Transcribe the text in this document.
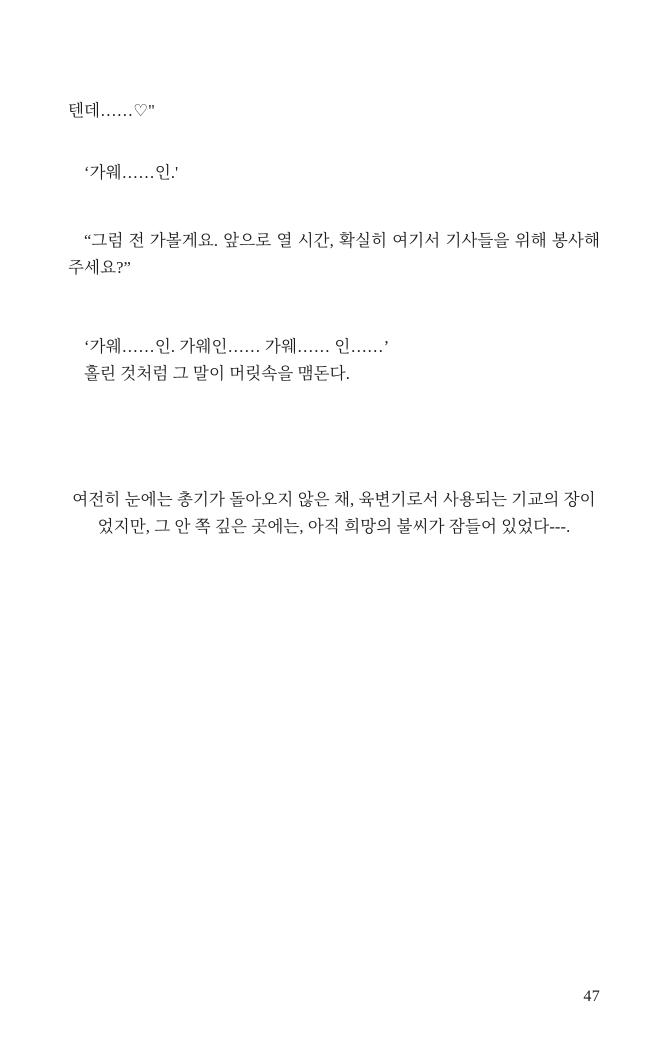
텐데……♡"

‘가웨……인.'

“그럼 전 가볼게요. 앞으로 열 시간, 확실히 여기서 기사들을 위해 봉사해주세요?”

‘가웨……인. 가웨인…… 가웨…… 인……’

홀린 것처럼 그 말이 머릿속을 맴돈다.

여전히 눈에는 총기가 돌아오지 않은 채, 육변기로서 사용되는 기교의 장이었지만, 그 안 쪽 깊은 곳에는, 아직 희망의 불씨가 잠들어 있었다---.

47
